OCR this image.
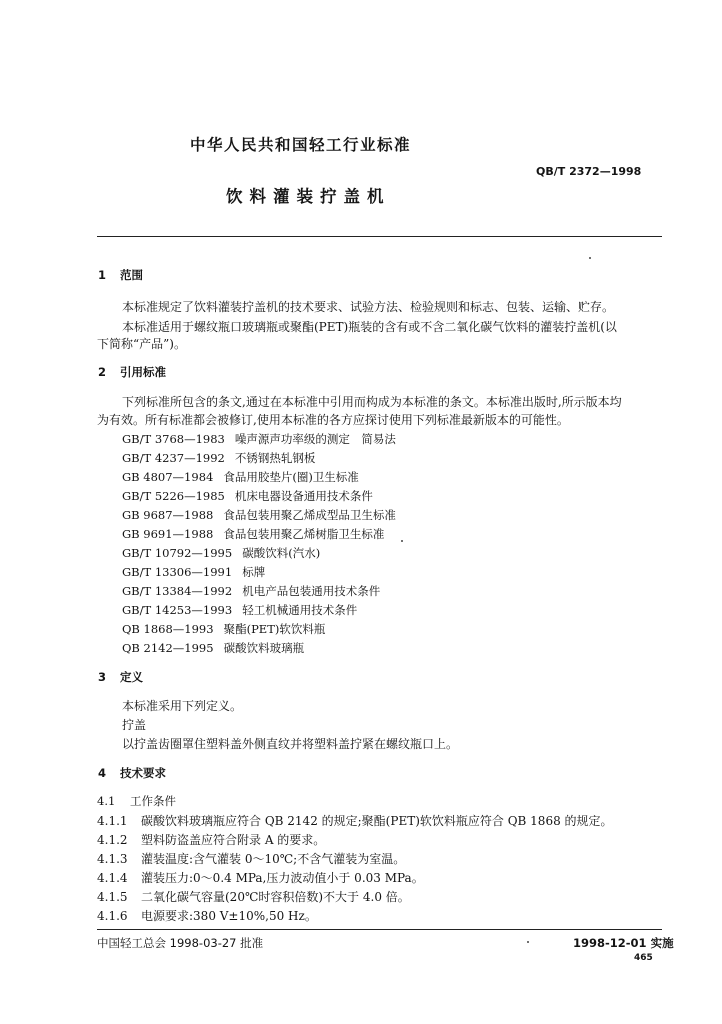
中华人民共和国轻工行业标准
QB/T 2372—1998
饮料灌装拧盖机
1 范围
本标准规定了饮料灌装拧盖机的技术要求、试验方法、检验规则和标志、包装、运输、贮存。
本标准适用于螺纹瓶口玻璃瓶或聚酯(PET)瓶装的含有或不含二氧化碳气饮料的灌装拧盖机(以
下简称“产品”)。
2 引用标准
下列标准所包含的条文,通过在本标准中引用而构成为本标准的条文。本标准出版时,所示版本均
为有效。所有标准都会被修订,使用本标准的各方应探讨使用下列标准最新版本的可能性。
GB/T 3768—1983 噪声源声功率级的测定　简易法
GB/T 4237—1992 不锈钢热轧钢板
GB 4807—1984 食品用胶垫片(圈)卫生标准
GB/T 5226—1985 机床电器设备通用技术条件
GB 9687—1988 食品包装用聚乙烯成型品卫生标准
GB 9691—1988 食品包装用聚乙烯树脂卫生标准
GB/T 10792—1995 碳酸饮料(汽水)
GB/T 13306—1991 标牌
GB/T 13384—1992 机电产品包装通用技术条件
GB/T 14253—1993 轻工机械通用技术条件
QB 1868—1993 聚酯(PET)软饮料瓶
QB 2142—1995 碳酸饮料玻璃瓶
3 定义
本标准采用下列定义。
拧盖
以拧盖齿圈罩住塑料盖外侧直纹并将塑料盖拧紧在螺纹瓶口上。
4 技术要求
4.1 工作条件
4.1.1 碳酸饮料玻璃瓶应符合 QB 2142 的规定;聚酯(PET)软饮料瓶应符合 QB 1868 的规定。
4.1.2 塑料防盗盖应符合附录 A 的要求。
4.1.3 灌装温度:含气灌装 0～10℃;不含气灌装为室温。
4.1.4 灌装压力:0～0.4 MPa,压力波动值小于 0.03 MPa。
4.1.5 二氧化碳气容量(20℃时容积倍数)不大于 4.0 倍。
4.1.6 电源要求:380 V±10%,50 Hz。
中国轻工总会 1998-03-27 批准	1998-12-01 实施
465
